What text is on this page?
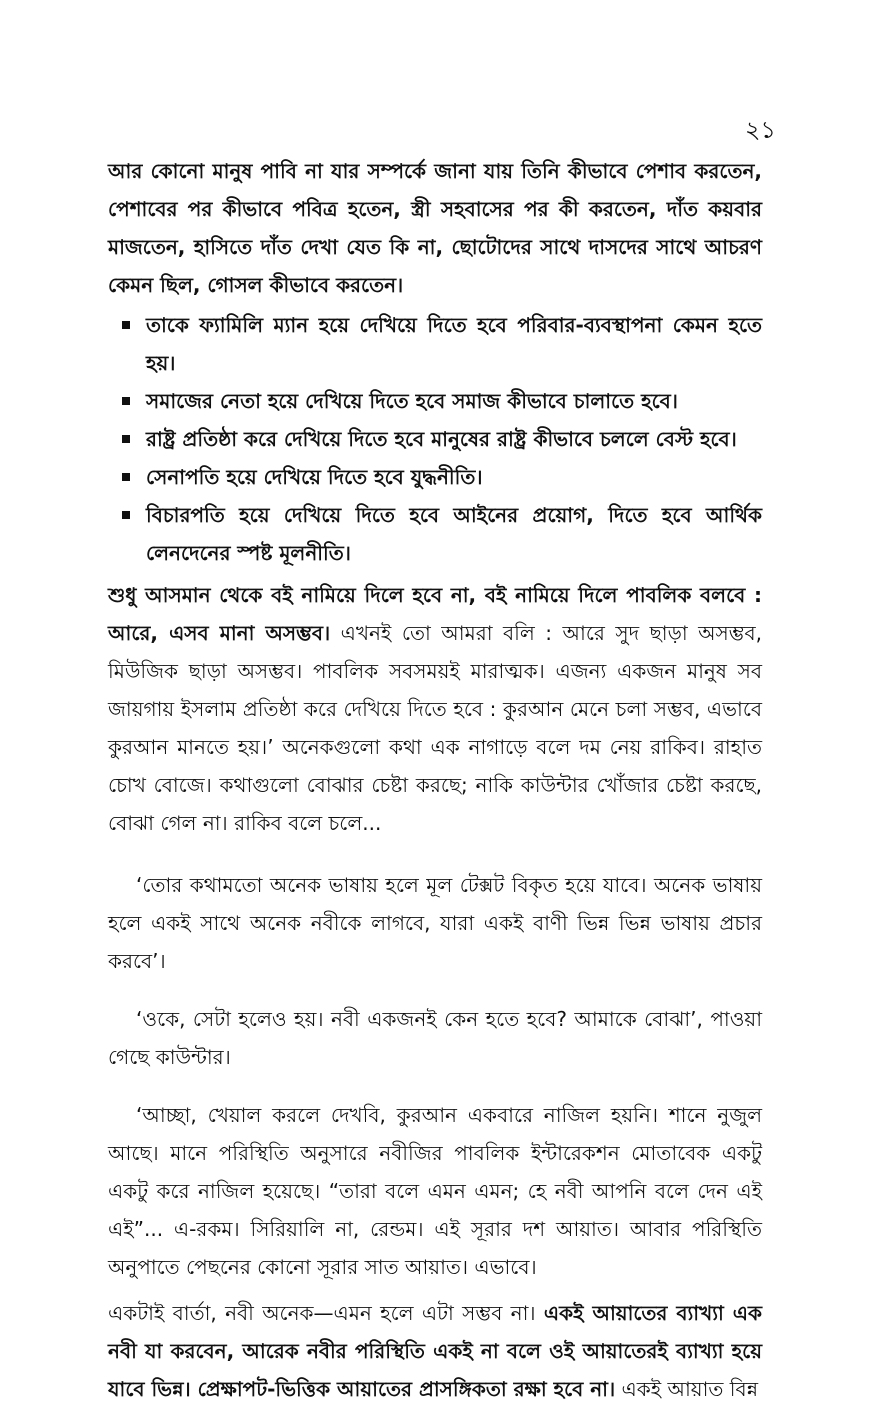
২১

আর কোনো মানুষ পাবি না যার সম্পর্কে জানা যায় তিনি কীভাবে পেশাব করতেন, পেশাবের পর কীভাবে পবিত্র হতেন, স্ত্রী সহবাসের পর কী করতেন, দাঁত কয়বার মাজতেন, হাসিতে দাঁত দেখা যেত কি না, ছোটোদের সাথে দাসদের সাথে আচরণ কেমন ছিল, গোসল কীভাবে করতেন।

তাকে ফ্যামিলি ম্যান হয়ে দেখিয়ে দিতে হবে পরিবার-ব্যবস্থাপনা কেমন হতে হয়।
সমাজের নেতা হয়ে দেখিয়ে দিতে হবে সমাজ কীভাবে চালাতে হবে।
রাষ্ট্র প্রতিষ্ঠা করে দেখিয়ে দিতে হবে মানুষের রাষ্ট্র কীভাবে চললে বেস্ট হবে।
সেনাপতি হয়ে দেখিয়ে দিতে হবে যুদ্ধনীতি।
বিচারপতি হয়ে দেখিয়ে দিতে হবে আইনের প্রয়োগ, দিতে হবে আর্থিক লেনদেনের স্পষ্ট মূলনীতি।

শুধু আসমান থেকে বই নামিয়ে দিলে হবে না, বই নামিয়ে দিলে পাবলিক বলবে : আরে, এসব মানা অসম্ভব। এখনই তো আমরা বলি : আরে সুদ ছাড়া অসম্ভব, মিউজিক ছাড়া অসম্ভব। পাবলিক সবসময়ই মারাত্মক। এজন্য একজন মানুষ সব জায়গায় ইসলাম প্রতিষ্ঠা করে দেখিয়ে দিতে হবে : কুরআন মেনে চলা সম্ভব, এভাবে কুরআন মানতে হয়।’ অনেকগুলো কথা এক নাগাড়ে বলে দম নেয় রাকিব। রাহাত চোখ বোজে। কথাগুলো বোঝার চেষ্টা করছে; নাকি কাউন্টার খোঁজার চেষ্টা করছে, বোঝা গেল না। রাকিব বলে চলে...

‘তোর কথামতো অনেক ভাষায় হলে মূল টেক্সট বিকৃত হয়ে যাবে। অনেক ভাষায় হলে একই সাথে অনেক নবীকে লাগবে, যারা একই বাণী ভিন্ন ভিন্ন ভাষায় প্রচার করবে’।

‘ওকে, সেটা হলেও হয়। নবী একজনই কেন হতে হবে? আমাকে বোঝা’, পাওয়া গেছে কাউন্টার।

‘আচ্ছা, খেয়াল করলে দেখবি, কুরআন একবারে নাজিল হয়নি। শানে নুজুল আছে। মানে পরিস্থিতি অনুসারে নবীজির পাবলিক ইন্টারেকশন মোতাবেক একটু একটু করে নাজিল হয়েছে। “তারা বলে এমন এমন; হে নবী আপনি বলে দেন এই এই”... এ-রকম। সিরিয়ালি না, রেন্ডম। এই সূরার দশ আয়াত। আবার পরিস্থিতি অনুপাতে পেছনের কোনো সূরার সাত আয়াত। এভাবে।

একটাই বার্তা, নবী অনেক—এমন হলে এটা সম্ভব না। একই আয়াতের ব্যাখ্যা এক নবী যা করবেন, আরেক নবীর পরিস্থিতি একই না বলে ওই আয়াতেরই ব্যাখ্যা হয়ে যাবে ভিন্ন। প্রেক্ষাপট-ভিত্তিক আয়াতের প্রাসঙ্গিকতা রক্ষা হবে না। একই আয়াত বিন্ন
